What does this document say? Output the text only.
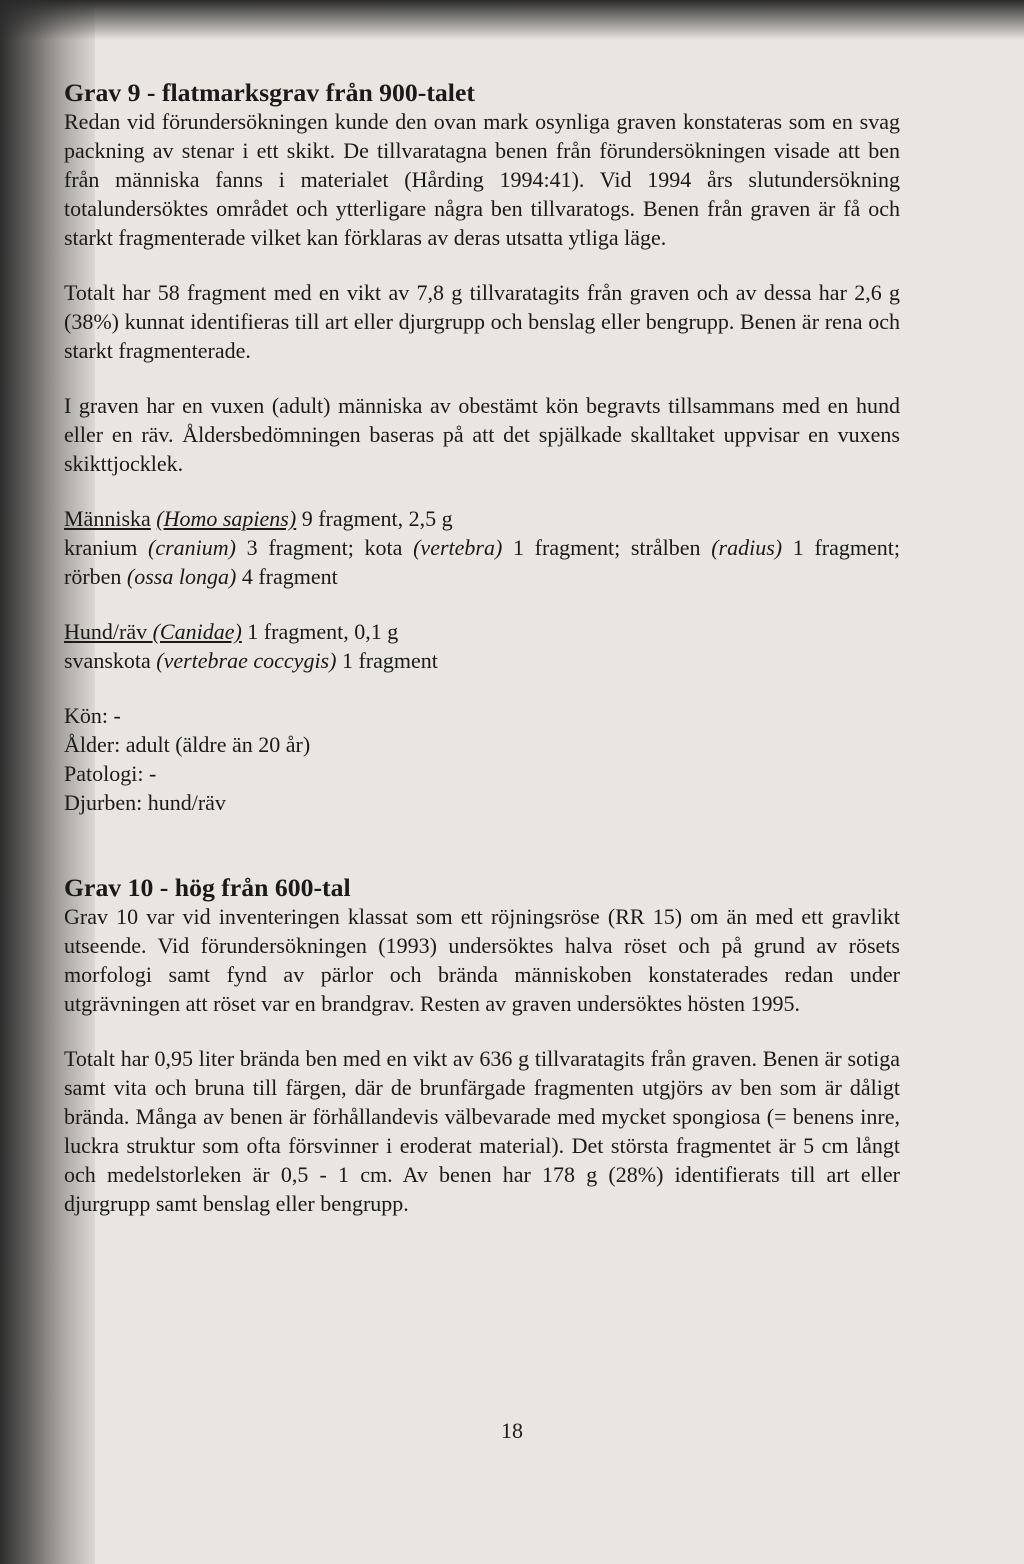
Grav 9 - flatmarksgrav från 900-talet

Redan vid förundersökningen kunde den ovan mark osynliga graven konstateras som en svag packning av stenar i ett skikt. De tillvaratagna benen från förundersökningen visade att ben från människa fanns i materialet (Hårding 1994:41). Vid 1994 års slutundersökning totalundersöktes området och ytterligare några ben tillvaratogs. Benen från graven är få och starkt fragmenterade vilket kan förklaras av deras utsatta ytliga läge.

Totalt har 58 fragment med en vikt av 7,8 g tillvaratagits från graven och av dessa har 2,6 g (38%) kunnat identifieras till art eller djurgrupp och benslag eller bengrupp. Benen är rena och starkt fragmenterade.

I graven har en vuxen (adult) människa av obestämt kön begravts tillsammans med en hund eller en räv. Åldersbedömningen baseras på att det spjälkade skalltaket uppvisar en vuxens skikttjocklek.

Människa (Homo sapiens) 9 fragment, 2,5 g

kranium (cranium) 3 fragment; kota (vertebra) 1 fragment; strålben (radius) 1 fragment; rörben (ossa longa) 4 fragment

Hund/räv (Canidae) 1 fragment, 0,1 g
svanskota (vertebrae coccygis) 1 fragment
Kön: -
Ålder: adult (äldre än 20 år)
Patologi: -
Djurben: hund/räv
Grav 10 - hög från 600-tal

Grav 10 var vid inventeringen klassat som ett röjningsröse (RR 15) om än med ett gravlikt utseende. Vid förundersökningen (1993) undersöktes halva röset och på grund av rösets morfologi samt fynd av pärlor och brända människoben konstaterades redan under utgrävningen att röset var en brandgrav. Resten av graven undersöktes hösten 1995.

Totalt har 0,95 liter brända ben med en vikt av 636 g tillvaratagits från graven. Benen är sotiga samt vita och bruna till färgen, där de brunfärgade fragmenten utgjörs av ben som är dåligt brända. Många av benen är förhållandevis välbevarade med mycket spongiosa (= benens inre, luckra struktur som ofta försvinner i eroderat material). Det största fragmentet är 5 cm långt och medelstorleken är 0,5 - 1 cm. Av benen har 178 g (28%) identifierats till art eller djurgrupp samt benslag eller bengrupp.

18
